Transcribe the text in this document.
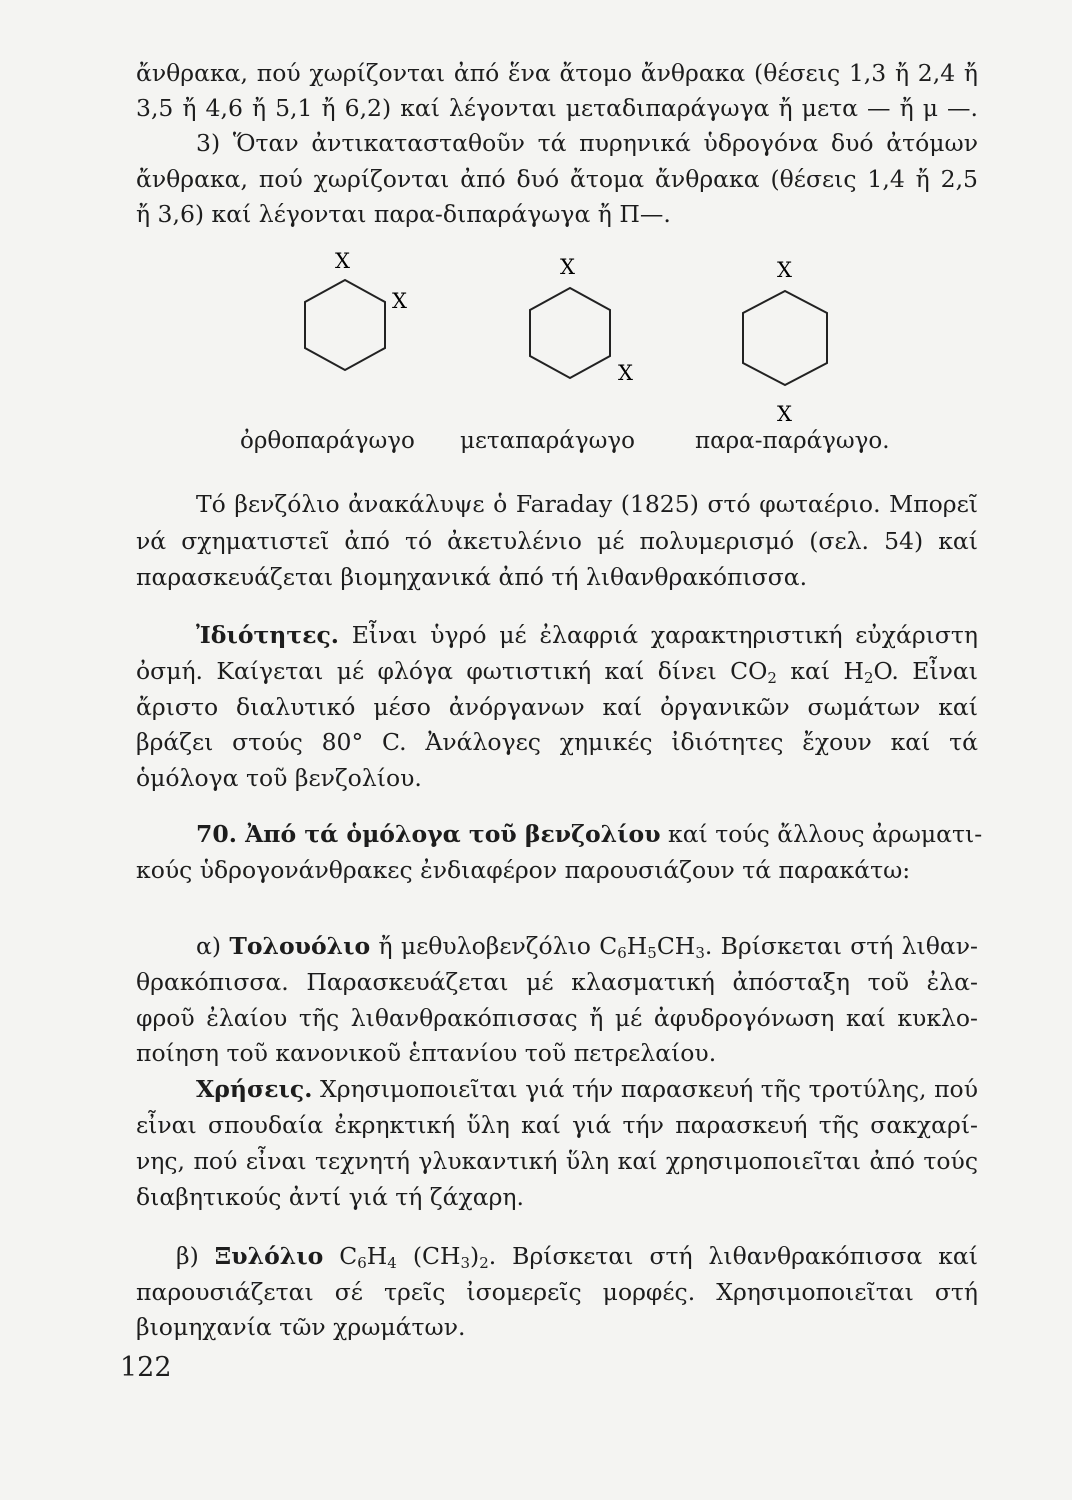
ἄνθρακα, πού χωρίζονται ἀπό ἕνα ἄτομο ἄνθρακα (θέσεις 1,3 ἤ 2,4 ἤ
3,5 ἤ 4,6 ἤ 5,1 ἤ 6,2) καί λέγονται μεταδιπαράγωγα ἤ μετα — ἤ μ —.
3) Ὅταν ἀντικατασταθοῦν τά πυρηνικά ὑδρογόνα δυό ἀτόμων
ἄνθρακα, πού χωρίζονται ἀπό δυό ἄτομα ἄνθρακα (θέσεις 1,4 ἤ 2,5
ἤ 3,6) καί λέγονται παρα-διπαράγωγα ἤ Π—.
X
X
X
X
X
X
ὀρθοπαράγωγο μεταπαράγωγο	παρα-παράγωγο.
Τό βενζόλιο ἀνακάλυψε ὁ Faraday (1825) στό φωταέριο. Μπορεῖ
νά σχηματιστεῖ ἀπό τό ἀκετυλένιο μέ πολυμερισμό (σελ. 54) καί
παρασκευάζεται βιομηχανικά ἀπό τή λιθανθρακόπισσα.
Ἰδιότητες. Εἶναι ὑγρό μέ ἐλαφριά χαρακτηριστική εὐχάριστη
ὀσμή. Καίγεται μέ φλόγα φωτιστική καί δίνει $CO_2$ καί $H_2O$. Εἶναι
ἄριστο διαλυτικό μέσο ἀνόργανων καί ὀργανικῶν σωμάτων καί
βράζει στούς 80° C. Ἀνάλογες χημικές ἰδιότητες ἔχουν καί τά
ὁμόλογα τοῦ βενζολίου.
70. Ἀπό τά ὁμόλογα τοῦ βενζολίου καί τούς ἄλλους ἀρωματι-
κούς ὑδρογονάνθρακες ἐνδιαφέρον παρουσιάζουν τά παρακάτω:
α) Τολουόλιο ἤ μεθυλοβενζόλιο $C_6H_5CH_3$. Βρίσκεται στή λιθαν-
θρακόπισσα. Παρασκευάζεται μέ κλασματική ἀπόσταξη τοῦ ἐλα-
φροῦ ἐλαίου τῆς λιθανθρακόπισσας ἤ μέ ἀφυδρογόνωση καί κυκλο-
ποίηση τοῦ κανονικοῦ ἑπτανίου τοῦ πετρελαίου.
Χρήσεις. Χρησιμοποιεῖται γιά τήν παρασκευή τῆς τροτύλης, πού
εἶναι σπουδαία ἐκρηκτική ὕλη καί γιά τήν παρασκευή τῆς σακχαρί-
νης, πού εἶναι τεχνητή γλυκαντική ὕλη καί χρησιμοποιεῖται ἀπό τούς
διαβητικούς ἀντί γιά τή ζάχαρη.
β) Ξυλόλιο $C_6H_4$ $(CH_3)_2$. Βρίσκεται στή λιθανθρακόπισσα καί
παρουσιάζεται σέ τρεῖς ἰσομερεῖς μορφές. Χρησιμοποιεῖται στή
βιομηχανία τῶν χρωμάτων.
122
